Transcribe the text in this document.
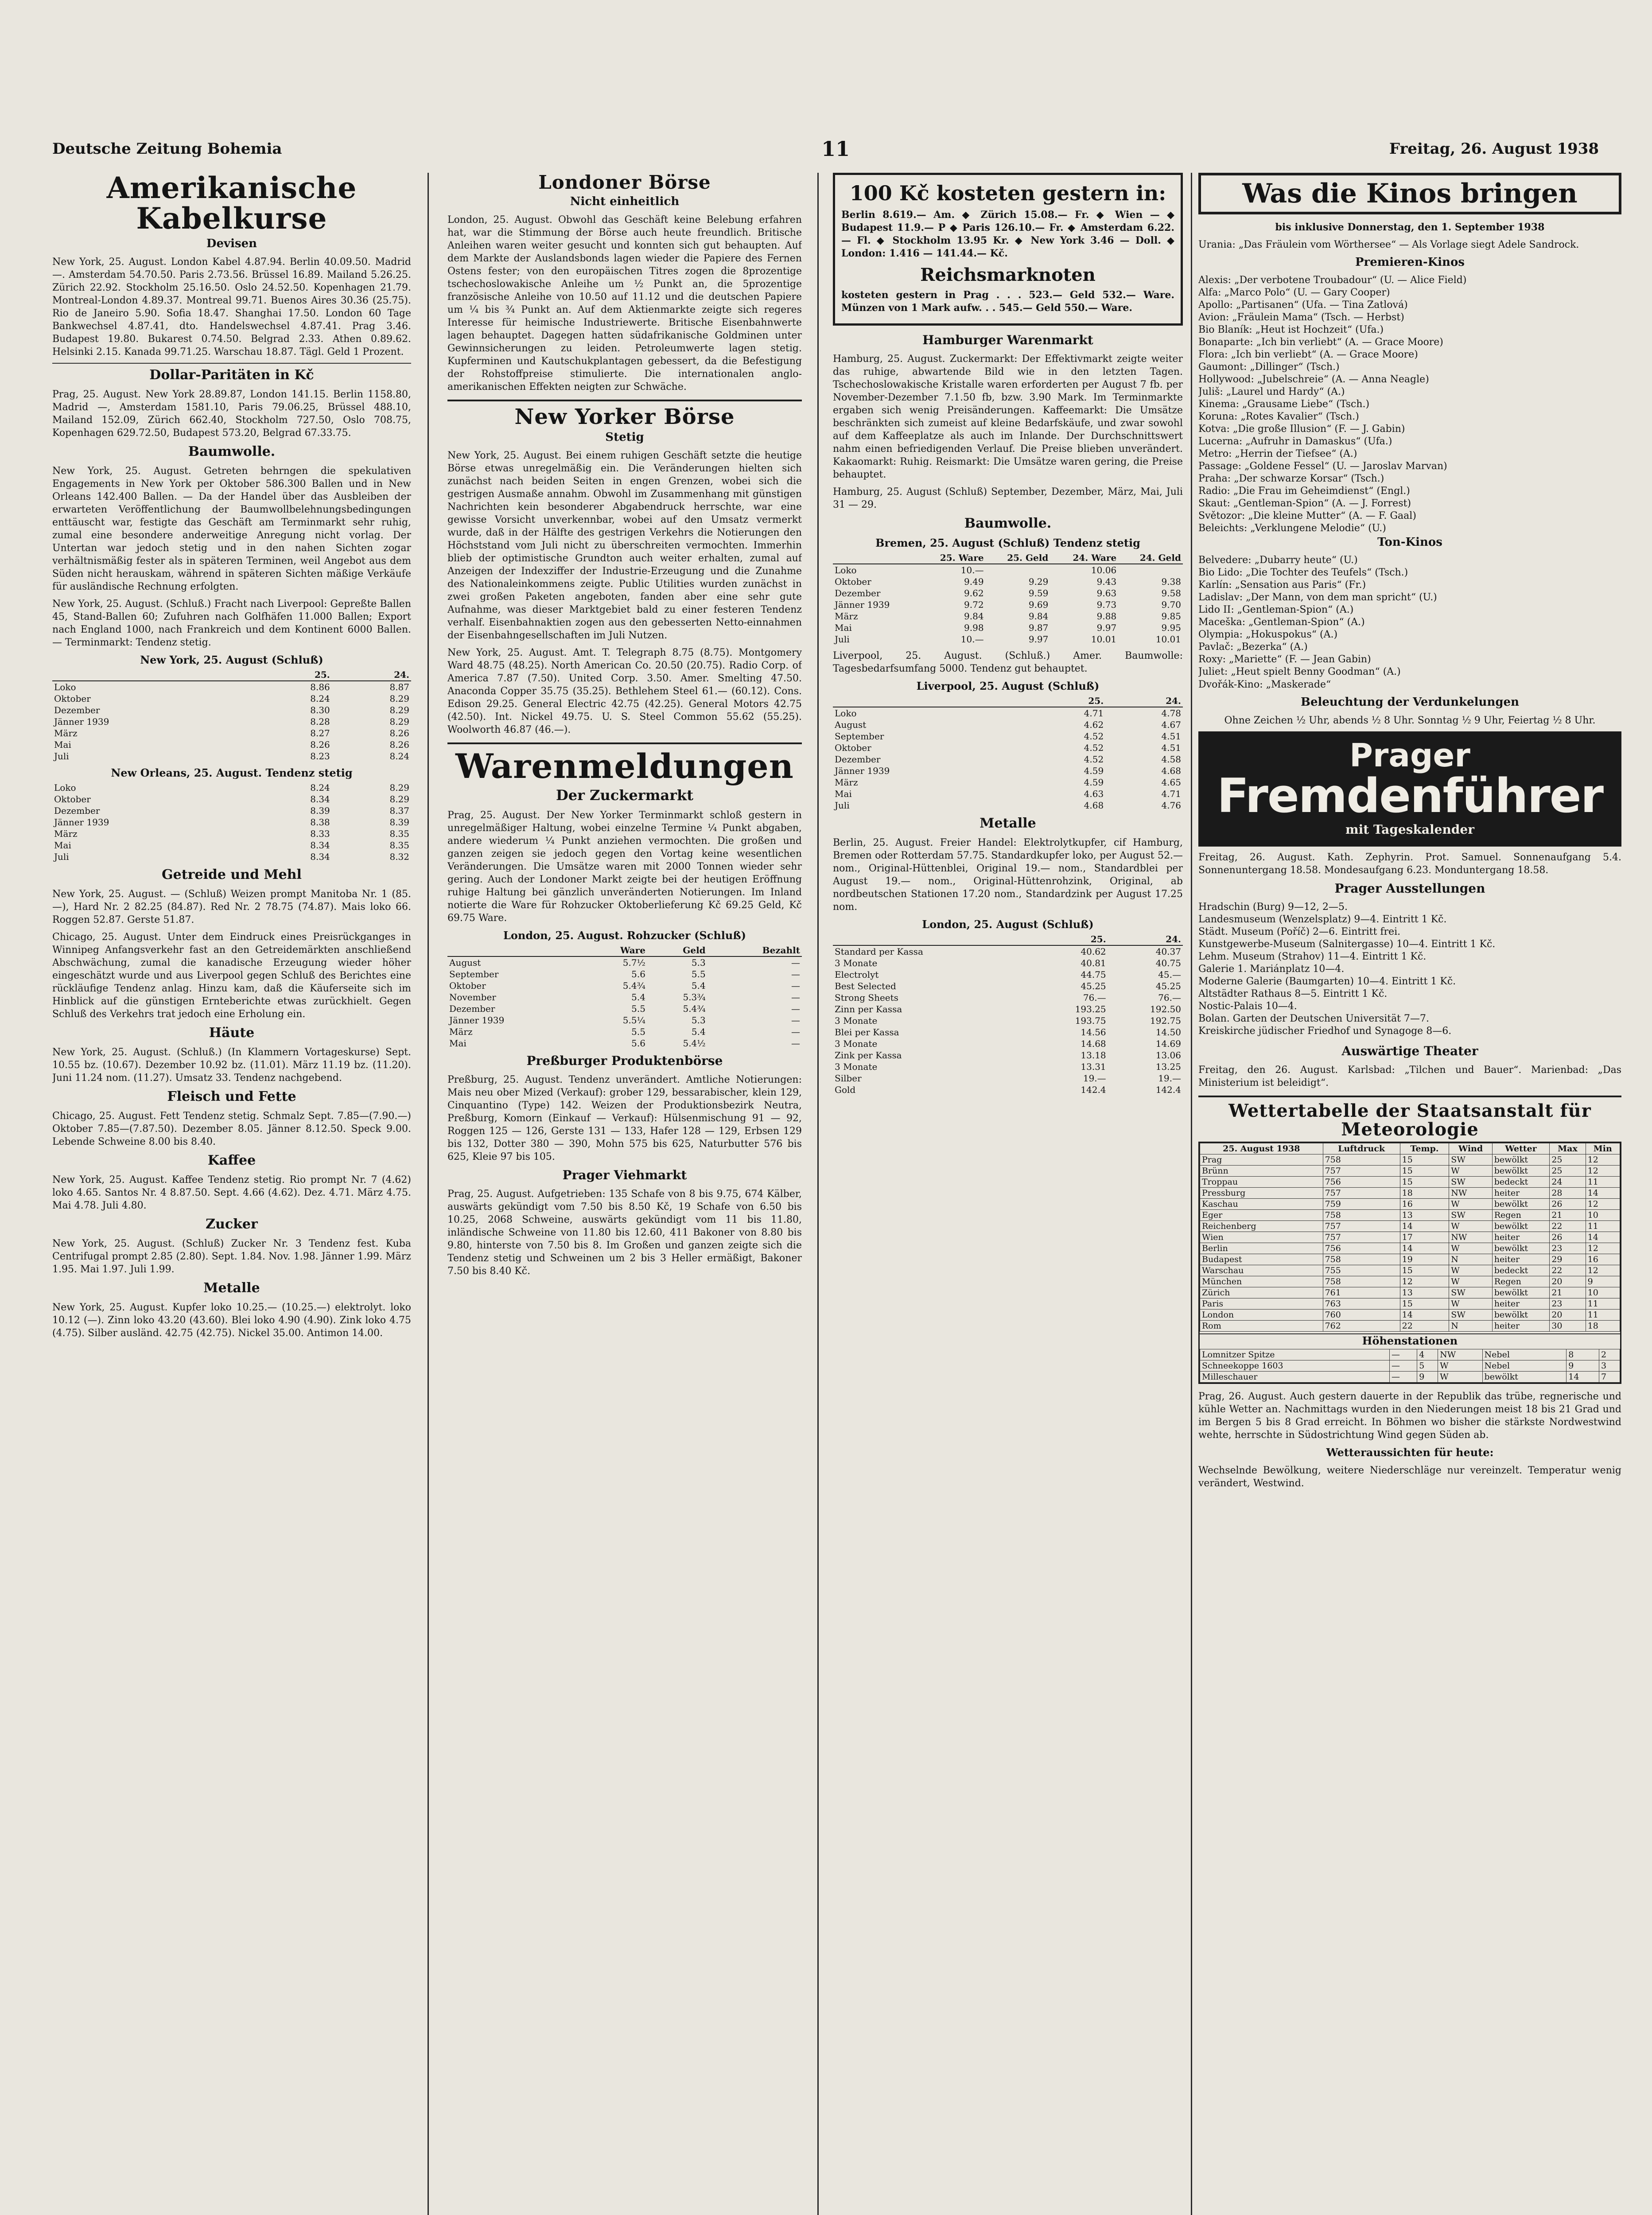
Deutsche Zeitung Bohemia	11	Freitag, 26. August 1938
Amerikanische Kabelkurse
Devisen

New York, 25. August. London Kabel 4.87.94. Berlin 40.09.50. Madrid —. Amsterdam 54.70.50. Paris 2.73.56. Brüssel 16.89. Mailand 5.26.25. Zürich 22.92. Stockholm 25.16.50. Oslo 24.52.50. Kopenhagen 21.79. Montreal-London 4.89.37. Montreal 99.71. Buenos Aires 30.36 (25.75). Rio de Janeiro 5.90. Sofia 18.47. Shanghai 17.50. London 60 Tage Bankwechsel 4.87.41, dto. Handelswechsel 4.87.41. Prag 3.46. Budapest 19.80. Bukarest 0.74.50. Belgrad 2.33. Athen 0.89.62. Helsinki 2.15. Kanada 99.71.25. Warschau 18.87. Tägl. Geld 1 Prozent.

Dollar-Paritäten in Kč

Prag, 25. August. New York 28.89.87, London 141.15. Berlin 1158.80, Madrid —, Amsterdam 1581.10, Paris 79.06.25, Brüssel 488.10, Mailand 152.09, Zürich 662.40, Stockholm 727.50, Oslo 708.75, Kopenhagen 629.72.50, Budapest 573.20, Belgrad 67.33.75.

Baumwolle.

New York, 25. August. Getreten behrngen die spekulativen Engagements in New York per Oktober 586.300 Ballen und in New Orleans 142.400 Ballen. — Da der Handel über das Ausbleiben der erwarteten Veröffentlichung der Baumwollbelehnungsbedingungen enttäuscht war, festigte das Geschäft am Terminmarkt sehr ruhig, zumal eine besondere anderweitige Anregung nicht vorlag. Der Untertan war jedoch stetig und in den nahen Sichten zogar verhältnismäßig fester als in späteren Terminen, weil Angebot aus dem Süden nicht herauskam, während in späteren Sichten mäßige Verkäufe für ausländische Rechnung erfolgten.

New York, 25. August. (Schluß.) Fracht nach Liverpool: Gepreßte Ballen 45, Stand-Ballen 60; Zufuhren nach Golfhäfen 11.000 Ballen; Export nach England 1000, nach Frankreich und dem Kontinent 6000 Ballen. — Terminmarkt: Tendenz stetig.

New York, 25. August (Schluß)
	25.	24.
Loko	8.86	8.87
Oktober	8.24	8.29
Dezember	8.30	8.29
Jänner 1939	8.28	8.29
März	8.27	8.26
Mai	8.26	8.26
Juli	8.23	8.24
New Orleans, 25. August. Tendenz stetig
Loko	8.24	8.29
Oktober	8.34	8.29
Dezember	8.39	8.37
Jänner 1939	8.38	8.39
März	8.33	8.35
Mai	8.34	8.35
Juli	8.34	8.32
Getreide und Mehl

New York, 25. August. — (Schluß) Weizen prompt Manitoba Nr. 1 (85.—), Hard Nr. 2 82.25 (84.87). Red Nr. 2 78.75 (74.87). Mais loko 66. Roggen 52.87. Gerste 51.87.

Chicago, 25. August. Unter dem Eindruck eines Preisrückganges in Winnipeg Anfangsverkehr fast an den Getreidemärkten anschließend Abschwächung, zumal die kanadische Erzeugung wieder höher eingeschätzt wurde und aus Liverpool gegen Schluß des Berichtes eine rückläufige Tendenz anlag. Hinzu kam, daß die Käuferseite sich im Hinblick auf die günstigen Ernteberichte etwas zurückhielt. Gegen Schluß des Verkehrs trat jedoch eine Erholung ein.

Häute

New York, 25. August. (Schluß.) (In Klammern Vortageskurse) Sept. 10.55 bz. (10.67). Dezember 10.92 bz. (11.01). März 11.19 bz. (11.20). Juni 11.24 nom. (11.27). Umsatz 33. Tendenz nachgebend.

Fleisch und Fette

Chicago, 25. August. Fett Tendenz stetig. Schmalz Sept. 7.85—(7.90.—) Oktober 7.85—(7.87.50). Dezember 8.05. Jänner 8.12.50. Speck 9.00. Lebende Schweine 8.00 bis 8.40.

Kaffee

New York, 25. August. Kaffee Tendenz stetig. Rio prompt Nr. 7 (4.62) loko 4.65. Santos Nr. 4 8.87.50. Sept. 4.66 (4.62). Dez. 4.71. März 4.75. Mai 4.78. Juli 4.80.

Zucker

New York, 25. August. (Schluß) Zucker Nr. 3 Tendenz fest. Kuba Centrifugal prompt 2.85 (2.80). Sept. 1.84. Nov. 1.98. Jänner 1.99. März 1.95. Mai 1.97. Juli 1.99.

Metalle

New York, 25. August. Kupfer loko 10.25.— (10.25.—) elektrolyt. loko 10.12 (—). Zinn loko 43.20 (43.60). Blei loko 4.90 (4.90). Zink loko 4.75 (4.75). Silber ausländ. 42.75 (42.75). Nickel 35.00. Antimon 14.00.

Londoner Börse
Nicht einheitlich

London, 25. August. Obwohl das Geschäft keine Belebung erfahren hat, war die Stimmung der Börse auch heute freundlich. Britische Anleihen waren weiter gesucht und konnten sich gut behaupten. Auf dem Markte der Auslandsbonds lagen wieder die Papiere des Fernen Ostens fester; von den europäischen Titres zogen die 8prozentige tschechoslowakische Anleihe um ½ Punkt an, die 5prozentige französische Anleihe von 10.50 auf 11.12 und die deutschen Papiere um ¼ bis ¾ Punkt an. Auf dem Aktienmarkte zeigte sich regeres Interesse für heimische Industriewerte. Britische Eisenbahnwerte lagen behauptet. Dagegen hatten südafrikanische Goldminen unter Gewinnsicherungen zu leiden. Petroleumwerte lagen stetig. Kupferminen und Kautschukplantagen gebessert, da die Befestigung der Rohstoffpreise stimulierte. Die internationalen anglo-amerikanischen Effekten neigten zur Schwäche.

New Yorker Börse
Stetig

New York, 25. August. Bei einem ruhigen Geschäft setzte die heutige Börse etwas unregelmäßig ein. Die Veränderungen hielten sich zunächst nach beiden Seiten in engen Grenzen, wobei sich die gestrigen Ausmaße annahm. Obwohl im Zusammenhang mit günstigen Nachrichten kein besonderer Abgabendruck herrschte, war eine gewisse Vorsicht unverkennbar, wobei auf den Umsatz vermerkt wurde, daß in der Hälfte des gestrigen Verkehrs die Notierungen den Höchststand vom Juli nicht zu überschreiten vermochten. Immerhin blieb der optimistische Grundton auch weiter erhalten, zumal auf Anzeigen der Indexziffer der Industrie-Erzeugung und die Zunahme des Nationaleinkommens zeigte. Public Utilities wurden zunächst in zwei großen Paketen angeboten, fanden aber eine sehr gute Aufnahme, was dieser Marktgebiet bald zu einer festeren Tendenz verhalf. Eisenbahnaktien zogen aus den gebesserten Netto-einnahmen der Eisenbahngesellschaften im Juli Nutzen.

New York, 25. August. Amt. T. Telegraph 8.75 (8.75). Montgomery Ward 48.75 (48.25). North American Co. 20.50 (20.75). Radio Corp. of America 7.87 (7.50). United Corp. 3.50. Amer. Smelting 47.50. Anaconda Copper 35.75 (35.25). Bethlehem Steel 61.— (60.12). Cons. Edison 29.25. General Electric 42.75 (42.25). General Motors 42.75 (42.50). Int. Nickel 49.75. U. S. Steel Common 55.62 (55.25). Woolworth 46.87 (46.—).

Warenmeldungen
Der Zuckermarkt

Prag, 25. August. Der New Yorker Terminmarkt schloß gestern in unregelmäßiger Haltung, wobei einzelne Termine ¼ Punkt abgaben, andere wiederum ¼ Punkt anziehen vermochten. Die großen und ganzen zeigen sie jedoch gegen den Vortag keine wesentlichen Veränderungen. Die Umsätze waren mit 2000 Tonnen wieder sehr gering. Auch der Londoner Markt zeigte bei der heutigen Eröffnung ruhige Haltung bei gänzlich unveränderten Notierungen. Im Inland notierte die Ware für Rohzucker Oktoberlieferung Kč 69.25 Geld, Kč 69.75 Ware.

London, 25. August. Rohzucker (Schluß)
	Ware	Geld	Bezahlt
August	5.7½	5.3	—
September	5.6	5.5	—
Oktober	5.4¾	5.4	—
November	5.4	5.3¾	—
Dezember	5.5	5.4¾	—
Jänner 1939	5.5¼	5.3	—
März	5.5	5.4	—
Mai	5.6	5.4½	—
Preßburger Produktenbörse

Preßburg, 25. August. Tendenz unverändert. Amtliche Notierungen: Mais neu ober Mized (Verkauf): grober 129, bessarabischer, klein 129, Cinquantino (Type) 142. Weizen der Produktionsbezirk Neutra, Preßburg, Komorn (Einkauf — Verkauf): Hülsenmischung 91 — 92, Roggen 125 — 126, Gerste 131 — 133, Hafer 128 — 129, Erbsen 129 bis 132, Dotter 380 — 390, Mohn 575 bis 625, Naturbutter 576 bis 625, Kleie 97 bis 105.

Prager Viehmarkt

Prag, 25. August. Aufgetrieben: 135 Schafe von 8 bis 9.75, 674 Kälber, auswärts gekündigt vom 7.50 bis 8.50 Kč, 19 Schafe von 6.50 bis 10.25, 2068 Schweine, auswärts gekündigt vom 11 bis 11.80, inländische Schweine von 11.80 bis 12.60, 411 Bakoner von 8.80 bis 9.80, hinterste von 7.50 bis 8. Im Großen und ganzen zeigte sich die Tendenz stetig und Schweinen um 2 bis 3 Heller ermäßigt, Bakoner 7.50 bis 8.40 Kč.

100 Kč kosteten gestern in:

Berlin 8.619.— Am. ◆ Zürich 15.08.— Fr. ◆ Wien — ◆ Budapest 11.9.— P ◆ Paris 126.10.— Fr. ◆ Amsterdam 6.22.— Fl. ◆ Stockholm 13.95 Kr. ◆ New York 3.46 — Doll. ◆ London: 1.416 — 141.44.— Kč.

Reichsmarknoten

kosteten gestern in Prag . . . 523.— Geld 532.— Ware. Münzen von 1 Mark aufw. . . 545.— Geld 550.— Ware.

Hamburger Warenmarkt

Hamburg, 25. August. Zuckermarkt: Der Effektivmarkt zeigte weiter das ruhige, abwartende Bild wie in den letzten Tagen. Tschechoslowakische Kristalle waren erforderten per August 7 fb. per November-Dezember 7.1.50 fb, bzw. 3.90 Mark. Im Terminmarkte ergaben sich wenig Preisänderungen. Kaffeemarkt: Die Umsätze beschränkten sich zumeist auf kleine Bedarfskäufe, und zwar sowohl auf dem Kaffeeplatze als auch im Inlande. Der Durchschnittswert nahm einen befriedigenden Verlauf. Die Preise blieben unverändert. Kakaomarkt: Ruhig. Reismarkt: Die Umsätze waren gering, die Preise behauptet.

Hamburg, 25. August (Schluß) September, Dezember, März, Mai, Juli 31 — 29.

Baumwolle.
Bremen, 25. August (Schluß) Tendenz stetig
	25. Ware	25. Geld	24. Ware	24. Geld
Loko	10.—		10.06	
Oktober	9.49	9.29	9.43	9.38
Dezember	9.62	9.59	9.63	9.58
Jänner 1939	9.72	9.69	9.73	9.70
März	9.84	9.84	9.88	9.85
Mai	9.98	9.87	9.97	9.95
Juli	10.—	9.97	10.01	10.01

Liverpool, 25. August. (Schluß.) Amer. Baumwolle: Tagesbedarfsumfang 5000. Tendenz gut behauptet.

Liverpool, 25. August (Schluß)
	25.	24.
Loko	4.71	4.78
August	4.62	4.67
September	4.52	4.51
Oktober	4.52	4.51
Dezember	4.52	4.58
Jänner 1939	4.59	4.68
März	4.59	4.65
Mai	4.63	4.71
Juli	4.68	4.76
Metalle

Berlin, 25. August. Freier Handel: Elektrolytkupfer, cif Hamburg, Bremen oder Rotterdam 57.75. Standardkupfer loko, per August 52.— nom., Original-Hüttenblei, Original 19.— nom., Standardblei per August 19.— nom., Original-Hüttenrohzink, Original, ab nordbeutschen Stationen 17.20 nom., Standardzink per August 17.25 nom.

London, 25. August (Schluß)
	25.	24.
Standard per Kassa	40.62	40.37
3 Monate	40.81	40.75
Electrolyt	44.75	45.—
Best Selected	45.25	45.25
Strong Sheets	76.—	76.—
Zinn per Kassa	193.25	192.50
3 Monate	193.75	192.75
Blei per Kassa	14.56	14.50
3 Monate	14.68	14.69
Zink per Kassa	13.18	13.06
3 Monate	13.31	13.25
Silber	19.—	19.—
Gold	142.4	142.4
Was die Kinos bringen
bis inklusive Donnerstag, den 1. September 1938

Urania: „Das Fräulein vom Wörthersee“ — Als Vorlage siegt Adele Sandrock.

Premieren-Kinos
Alexis: „Der verbotene Troubadour“ (U. — Alice Field)
Alfa: „Marco Polo“ (U. — Gary Cooper)
Apollo: „Partisanen“ (Ufa. — Tina Zatlová)
Avion: „Fräulein Mama“ (Tsch. — Herbst)
Bio Blaník: „Heut ist Hochzeit“ (Ufa.)
Bonaparte: „Ich bin verliebt“ (A. — Grace Moore)
Flora: „Ich bin verliebt“ (A. — Grace Moore)
Gaumont: „Dillinger“ (Tsch.)
Hollywood: „Jubelschreie“ (A. — Anna Neagle)
Juliš: „Laurel und Hardy“ (A.)
Kinema: „Grausame Liebe“ (Tsch.)
Koruna: „Rotes Kavalier“ (Tsch.)
Kotva: „Die große Illusion“ (F. — J. Gabin)
Lucerna: „Aufruhr in Damaskus“ (Ufa.)
Metro: „Herrin der Tiefsee“ (A.)
Passage: „Goldene Fessel“ (U. — Jaroslav Marvan)
Praha: „Der schwarze Korsar“ (Tsch.)
Radio: „Die Frau im Geheimdienst“ (Engl.)
Skaut: „Gentleman-Spion“ (A. — J. Forrest)
Světozor: „Die kleine Mutter“ (A. — F. Gaal)
Beleichts: „Verklungene Melodie“ (U.)
Ton-Kinos
Belvedere: „Dubarry heute“ (U.)
Bio Lido: „Die Tochter des Teufels“ (Tsch.)
Karlín: „Sensation aus Paris“ (Fr.)
Ladislav: „Der Mann, von dem man spricht“ (U.)
Lido II: „Gentleman-Spion“ (A.)
Maceška: „Gentleman-Spion“ (A.)
Olympia: „Hokuspokus“ (A.)
Pavlač: „Bezerka“ (A.)
Roxy: „Mariette“ (F. — Jean Gabin)
Juliet: „Heut spielt Benny Goodman“ (A.)

Dvořák-Kino: „Maskerade“

Beleuchtung der Verdunkelungen

Ohne Zeichen ½ Uhr, abends ½ 8 Uhr. Sonntag ½ 9 Uhr, Feiertag ½ 8 Uhr.

Prager
Fremdenführer
mit Tageskalender

Freitag, 26. August. Kath. Zephyrin. Prot. Samuel. Sonnenaufgang 5.4. Sonnenuntergang 18.58. Mondesaufgang 6.23. Monduntergang 18.58.

Prager Ausstellungen
Hradschin (Burg) 9—12, 2—5.
Landesmuseum (Wenzelsplatz) 9—4. Eintritt 1 Kč.
Städt. Museum (Poříč) 2—6. Eintritt frei.
Kunstgewerbe-Museum (Salnitergasse) 10—4. Eintritt 1 Kč.
Lehm. Museum (Strahov) 11—4. Eintritt 1 Kč.
Galerie 1. Mariánplatz 10—4.
Moderne Galerie (Baumgarten) 10—4. Eintritt 1 Kč.
Altstädter Rathaus 8—5. Eintritt 1 Kč.
Nostic-Palais 10—4.
Bolan. Garten der Deutschen Universität 7—7.
Kreiskirche jüdischer Friedhof und Synagoge 8—6.
Auswärtige Theater

Freitag, den 26. August. Karlsbad: „Tilchen und Bauer“. Marienbad: „Das Ministerium ist beleidigt“.

Wettertabelle der Staatsanstalt für Meteorologie
25. August 1938	Luftdruck	Temp.	Wind	Wetter	Max	Min
Prag	758	15	SW	bewölkt	25	12
Brünn	757	15	W	bewölkt	25	12
Troppau	756	15	SW	bedeckt	24	11
Pressburg	757	18	NW	heiter	28	14
Kaschau	759	16	W	bewölkt	26	12
Eger	758	13	SW	Regen	21	10
Reichenberg	757	14	W	bewölkt	22	11
Wien	757	17	NW	heiter	26	14
Berlin	756	14	W	bewölkt	23	12
Budapest	758	19	N	heiter	29	16
Warschau	755	15	W	bedeckt	22	12
München	758	12	W	Regen	20	9
Zürich	761	13	SW	bewölkt	21	10
Paris	763	15	W	heiter	23	11
London	760	14	SW	bewölkt	20	11
Rom	762	22	N	heiter	30	18
Höhenstationen
Lomnitzer Spitze	—	4	NW	Nebel	8	2
Schneekoppe 1603	—	5	W	Nebel	9	3
Milleschauer	—	9	W	bewölkt	14	7

Prag, 26. August. Auch gestern dauerte in der Republik das trübe, regnerische und kühle Wetter an. Nachmittags wurden in den Niederungen meist 18 bis 21 Grad und im Bergen 5 bis 8 Grad erreicht. In Böhmen wo bisher die stärkste Nordwestwind wehte, herrschte in Südostrichtung Wind gegen Süden ab.

Wetteraussichten für heute:

Wechselnde Bewölkung, weitere Niederschläge nur vereinzelt. Temperatur wenig verändert, Westwind.
